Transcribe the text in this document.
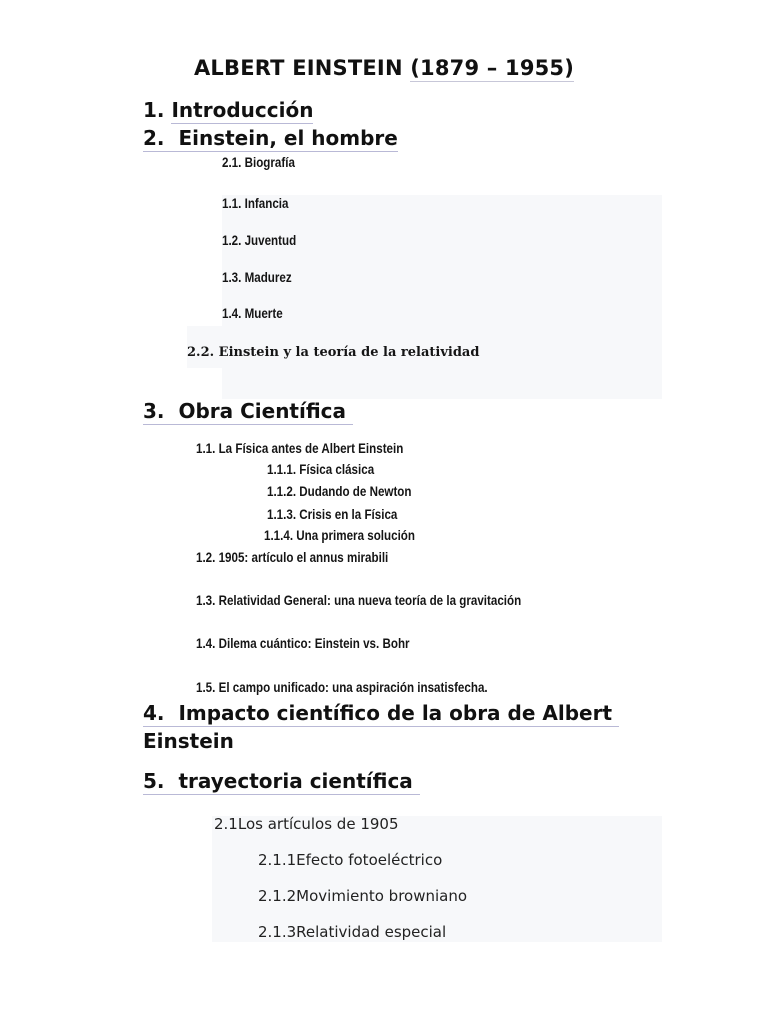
ALBERT EINSTEIN (1879 – 1955)
1. Introducción
2. Einstein, el hombre
2.1. Biografía
1.1. Infancia
1.2. Juventud
1.3. Madurez
1.4. Muerte
2.2. Einstein y la teoría de la relatividad
3. Obra Científica
1.1. La Física antes de Albert Einstein
1.1.1. Física clásica
1.1.2. Dudando de Newton
1.1.3. Crisis en la Física
1.1.4. Una primera solución
1.2. 1905: artículo el annus mirabili
1.3. Relatividad General: una nueva teoría de la gravitación
1.4. Dilema cuántico: Einstein vs. Bohr
1.5. El campo unificado: una aspiración insatisfecha.
4. Impacto científico de la obra de Albert
Einstein
5. trayectoria científica
2.1Los artículos de 1905
2.1.1Efecto fotoeléctrico
2.1.2Movimiento browniano
2.1.3Relatividad especial
